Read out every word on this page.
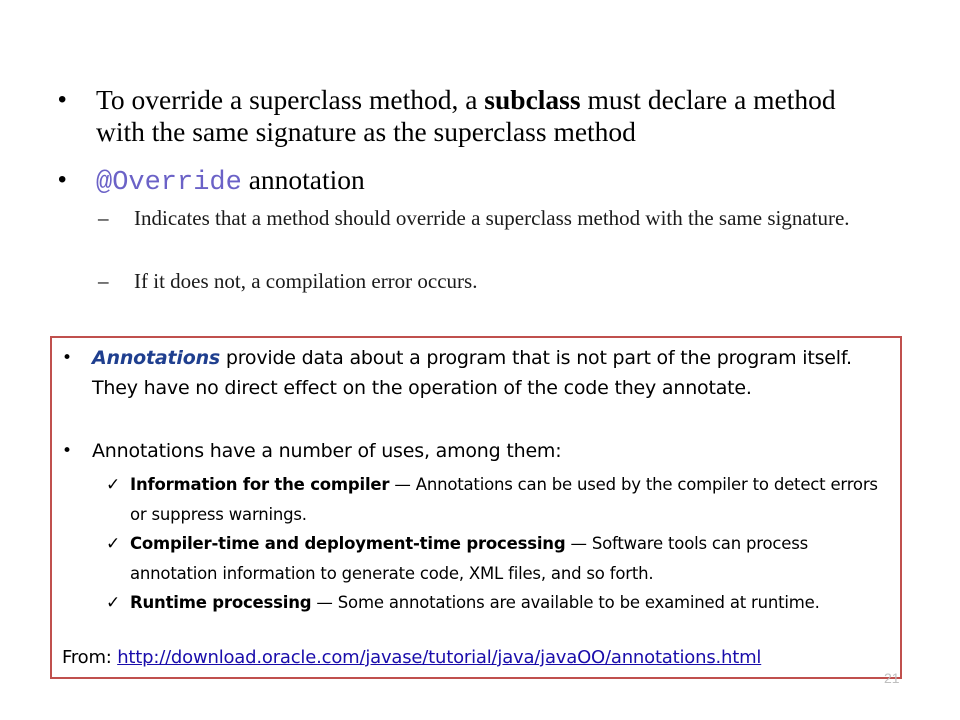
•	To override a superclass method, a subclass must declare a method with the same signature as the superclass method
•	@Override annotation
–	Indicates that a method should override a superclass method with the same signature.
–	If it does not, a compilation error occurs.
•	Annotations provide data about a program that is not part of the program itself. They have no direct effect on the operation of the code they annotate.
•	Annotations have a number of uses, among them:
✓ Information for the compiler — Annotations can be used by the compiler to detect errors or suppress warnings.
✓ Compiler-time and deployment-time processing — Software tools can process annotation information to generate code, XML files, and so forth.
✓ Runtime processing — Some annotations are available to be examined at runtime.
From: http://download.oracle.com/javase/tutorial/java/javaOO/annotations.html
21
